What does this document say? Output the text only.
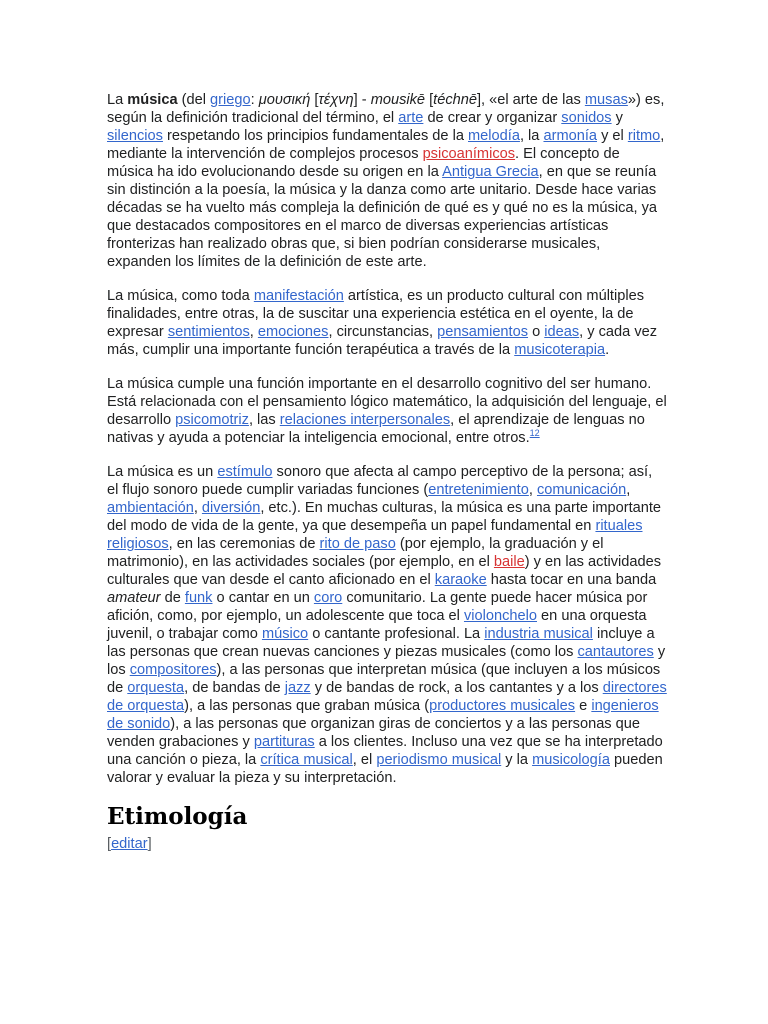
La música (del griego: μουσική [τέχνη] - mousikē [téchnē], «el arte de las musas») es, según la definición tradicional del término, el arte de crear y organizar sonidos y silencios respetando los principios fundamentales de la melodía, la armonía y el ritmo, mediante la intervención de complejos procesos psicoanímicos. El concepto de música ha ido evolucionando desde su origen en la Antigua Grecia, en que se reunía sin distinción a la poesía, la música y la danza como arte unitario. Desde hace varias décadas se ha vuelto más compleja la definición de qué es y qué no es la música, ya que destacados compositores en el marco de diversas experiencias artísticas fronterizas han realizado obras que, si bien podrían considerarse musicales, expanden los límites de la definición de este arte.

La música, como toda manifestación artística, es un producto cultural con múltiples finalidades, entre otras, la de suscitar una experiencia estética en el oyente, la de expresar sentimientos, emociones, circunstancias, pensamientos o ideas, y cada vez más, cumplir una importante función terapéutica a través de la musicoterapia.

La música cumple una función importante en el desarrollo cognitivo del ser humano. Está relacionada con el pensamiento lógico matemático, la adquisición del lenguaje, el desarrollo psicomotriz, las relaciones interpersonales, el aprendizaje de lenguas no nativas y ayuda a potenciar la inteligencia emocional, entre otros.$^{12}$

La música es un estímulo sonoro que afecta al campo perceptivo de la persona; así, el flujo sonoro puede cumplir variadas funciones (entretenimiento, comunicación, ambientación, diversión, etc.). En muchas culturas, la música es una parte importante del modo de vida de la gente, ya que desempeña un papel fundamental en rituales religiosos, en las ceremonias de rito de paso (por ejemplo, la graduación y el matrimonio), en las actividades sociales (por ejemplo, en el baile) y en las actividades culturales que van desde el canto aficionado en el karaoke hasta tocar en una banda amateur de funk o cantar en un coro comunitario. La gente puede hacer música por afición, como, por ejemplo, un adolescente que toca el violonchelo en una orquesta juvenil, o trabajar como músico o cantante profesional. La industria musical incluye a las personas que crean nuevas canciones y piezas musicales (como los cantautores y los compositores), a las personas que interpretan música (que incluyen a los músicos de orquesta, de bandas de jazz y de bandas de rock, a los cantantes y a los directores de orquesta), a las personas que graban música (productores musicales e ingenieros de sonido), a las personas que organizan giras de conciertos y a las personas que venden grabaciones y partituras a los clientes. Incluso una vez que se ha interpretado una canción o pieza, la crítica musical, el periodismo musical y la musicología pueden valorar y evaluar la pieza y su interpretación.

Etimología
[editar]
